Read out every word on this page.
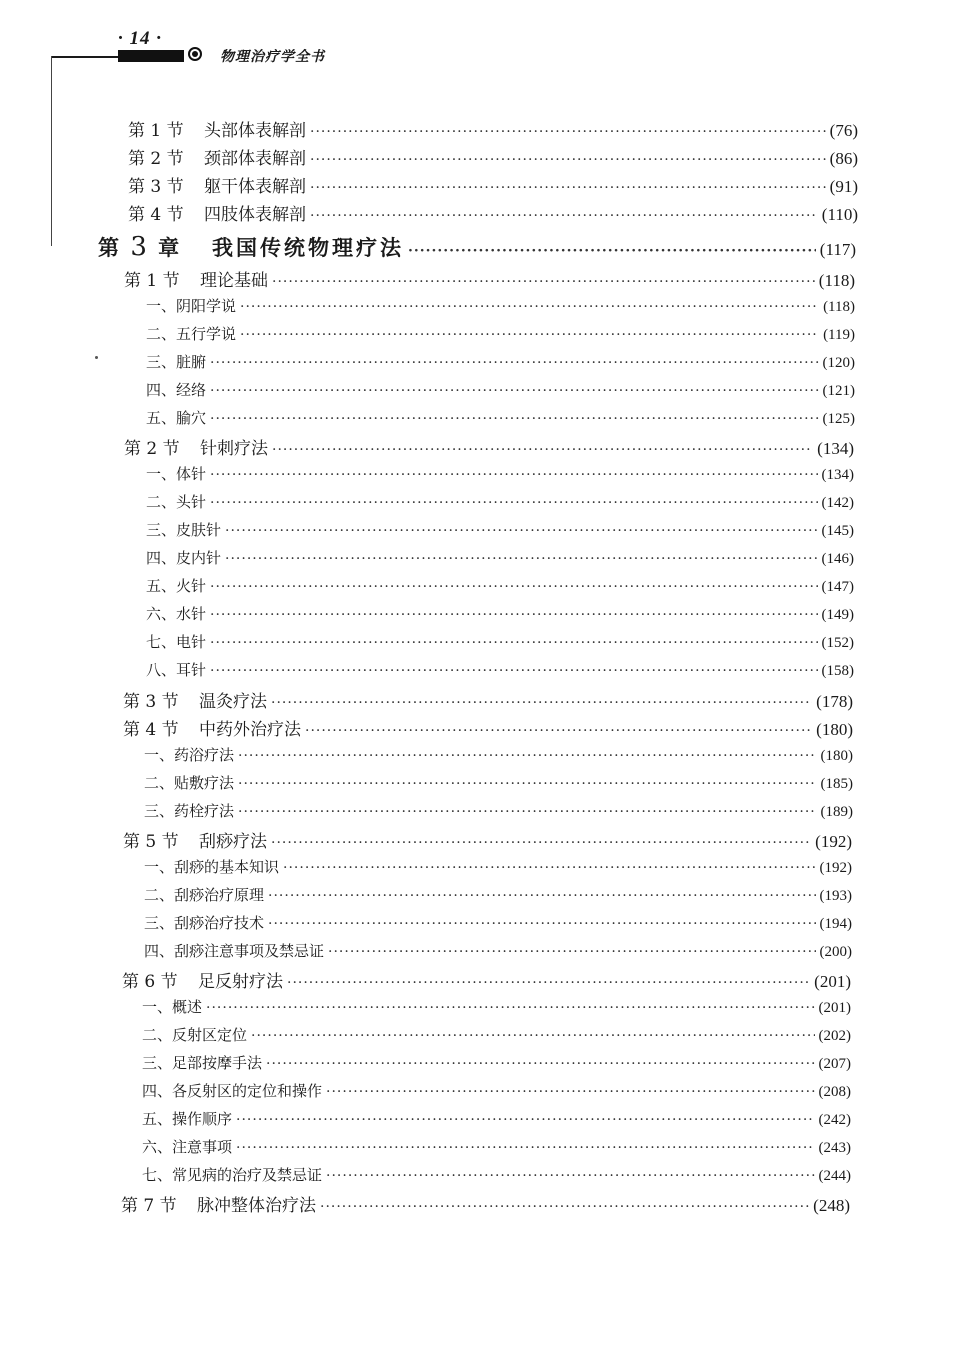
· 14 ·
物理治疗学全书
第 1 节	头部体表解剖 ·····	(76)
第 2 节	颈部体表解剖 ·····	(86)
第 3 节	躯干体表解剖 ·····	(91)
第 4 节	四肢体表解剖 ·····	(110)
第 3 章	我国传统物理疗法 ·····	(117)
第 1 节	理论基础 ·····	(118)
一、阴阳学说 ·····	(118)
二、五行学说 ·····	(119)
三、脏腑 ·····	(120)
四、经络 ·····	(121)
五、腧穴 ·····	(125)
第 2 节	针刺疗法 ·····	(134)
一、体针 ·····	(134)
二、头针 ·····	(142)
三、皮肤针 ·····	(145)
四、皮内针 ·····	(146)
五、火针 ·····	(147)
六、水针 ·····	(149)
七、电针 ·····	(152)
八、耳针 ·····	(158)
第 3 节	温灸疗法 ·····	(178)
第 4 节	中药外治疗法 ·····	(180)
一、药浴疗法 ·····	(180)
二、贴敷疗法 ·····	(185)
三、药栓疗法 ·····	(189)
第 5 节	刮痧疗法 ·····	(192)
一、刮痧的基本知识 ·····	(192)
二、刮痧治疗原理 ·····	(193)
三、刮痧治疗技术 ·····	(194)
四、刮痧注意事项及禁忌证 ·····	(200)
第 6 节	足反射疗法 ·····	(201)
一、概述 ·····	(201)
二、反射区定位 ·····	(202)
三、足部按摩手法 ·····	(207)
四、各反射区的定位和操作 ·····	(208)
五、操作顺序 ·····	(242)
六、注意事项 ·····	(243)
七、常见病的治疗及禁忌证 ·····	(244)
第 7 节	脉冲整体治疗法 ·····	(248)
